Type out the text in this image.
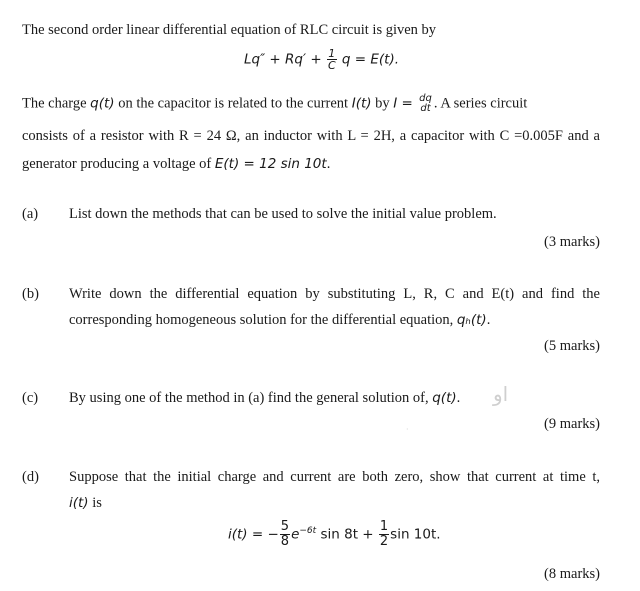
The second order linear differential equation of RLC circuit is given by
$Lq'' + Rq' + \frac{1}{C}$ q = E(t).
The charge q(t) on the capacitor is related to the current I(t) by I = dq
dt . A series circuit
consists of a resistor with R = 24 Ω, an inductor with L = 2H, a capacitor with C =0.005F and a
generator producing a voltage of E(t) = 12 sin 10t.
(a) List down the methods that can be used to solve the initial value problem.
(3 marks)
(b) Write down the differential equation by substituting L, R, C and E(t) and find the
corresponding homogeneous solution for the differential equation, qₕ(t).
(5 marks)
(c) By using one of the method in (a) find the general solution of, q(t). او
·	(9 marks)
(d) Suppose that the initial charge and current are both zero, show that current at time t,
i(t) is
i(t) = − $\frac{5}{8} e^{-6t}$ $\sin 8t + \frac{1}{2}$ sin 10t.
(8 marks)
